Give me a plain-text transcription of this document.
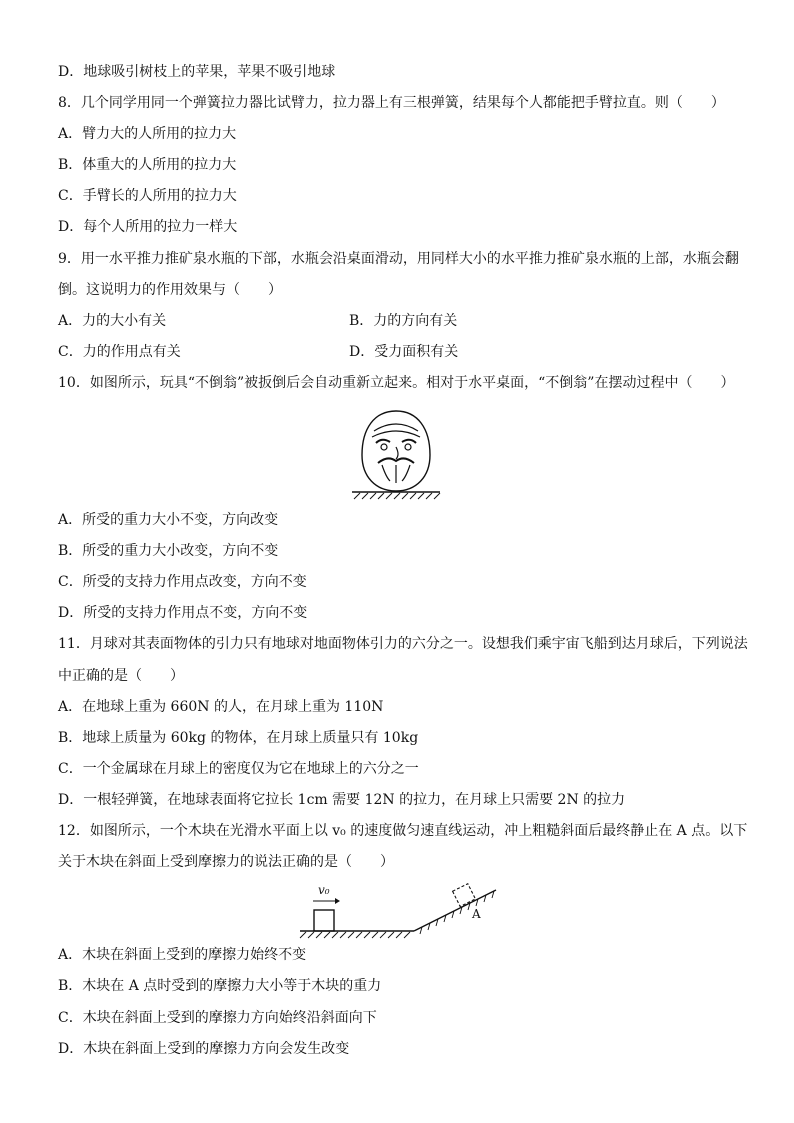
D．地球吸引树枝上的苹果，苹果不吸引地球
8．几个同学用同一个弹簧拉力器比试臂力，拉力器上有三根弹簧，结果每个人都能把手臂拉直。则（　　）
A．臂力大的人所用的拉力大
B．体重大的人所用的拉力大
C．手臂长的人所用的拉力大
D．每个人所用的拉力一样大
9．用一水平推力推矿泉水瓶的下部，水瓶会沿桌面滑动，用同样大小的水平推力推矿泉水瓶的上部，水瓶会翻
倒。这说明力的作用效果与（　　）
A．力的大小有关	B．力的方向有关
C．力的作用点有关	D．受力面积有关
10．如图所示，玩具“不倒翁”被扳倒后会自动重新立起来。相对于水平桌面，“不倒翁”在摆动过程中（　　）
A．所受的重力大小不变，方向改变
B．所受的重力大小改变，方向不变
C．所受的支持力作用点改变，方向不变
D．所受的支持力作用点不变，方向不变
11．月球对其表面物体的引力只有地球对地面物体引力的六分之一。设想我们乘宇宙飞船到达月球后，下列说法
中正确的是（　　）
A．在地球上重为 660N 的人，在月球上重为 110N
B．地球上质量为 60kg 的物体，在月球上质量只有 10kg
C．一个金属球在月球上的密度仅为它在地球上的六分之一
D．一根轻弹簧，在地球表面将它拉长 1cm 需要 12N 的拉力，在月球上只需要 2N 的拉力
12．如图所示，一个木块在光滑水平面上以 v₀ 的速度做匀速直线运动，冲上粗糙斜面后最终静止在 A 点。以下
关于木块在斜面上受到摩擦力的说法正确的是（　　）
v₀
A
A．木块在斜面上受到的摩擦力始终不变
B．木块在 A 点时受到的摩擦力大小等于木块的重力
C．木块在斜面上受到的摩擦力方向始终沿斜面向下
D．木块在斜面上受到的摩擦力方向会发生改变
